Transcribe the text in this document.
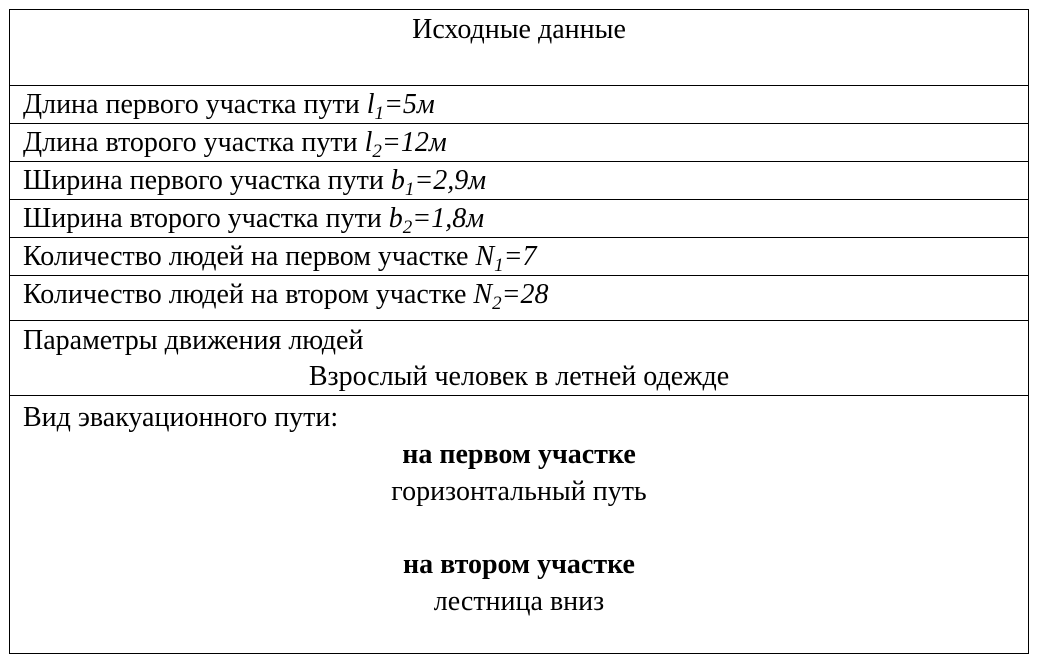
Исходные данные
Длина первого участка пути $l_1=5м$
Длина второго участка пути $l_2=12м$
Ширина первого участка пути $b_1=2,9м$
Ширина второго участка пути $b_2=1,8м$
Количество людей на первом участке $N_1=7$
Количество людей на втором участке $N_2=28$
Параметры движения людей
Взрослый человек в летней одежде
Вид эвакуационного пути:
на первом участке
горизонтальный путь
на втором участке
лестница вниз
